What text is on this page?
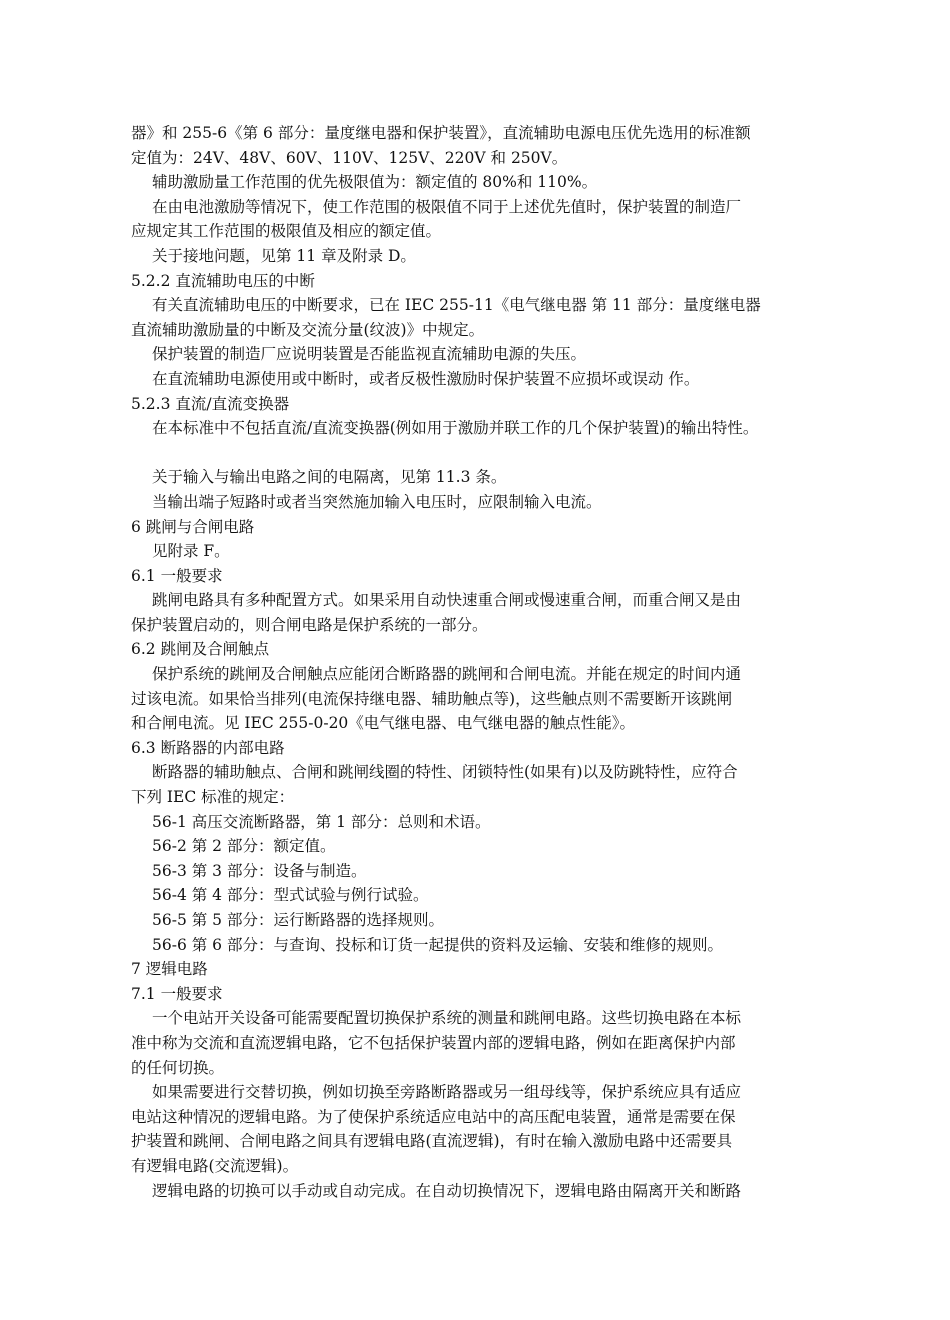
器》和 255-6《第 6 部分：量度继电器和保护装置》，直流辅助电源电压优先选用的标准额
定值为：24V、48V、60V、110V、125V、220V 和 250V。
辅助激励量工作范围的优先极限值为：额定值的 80%和 110%。
在由电池激励等情况下，使工作范围的极限值不同于上述优先值时，保护装置的制造厂
应规定其工作范围的极限值及相应的额定值。
关于接地问题，见第 11 章及附录 D。
5.2.2 直流辅助电压的中断
有关直流辅助电压的中断要求，已在 IEC 255-11《电气继电器 第 11 部分：量度继电器
直流辅助激励量的中断及交流分量(纹波)》中规定。
保护装置的制造厂应说明装置是否能监视直流辅助电源的失压。
在直流辅助电源使用或中断时，或者反极性激励时保护装置不应损坏或误动 作。
5.2.3 直流/直流变换器
在本标准中不包括直流/直流变换器(例如用于激励并联工作的几个保护装置)的输出特性。
关于输入与输出电路之间的电隔离，见第 11.3 条。
当输出端子短路时或者当突然施加输入电压时，应限制输入电流。
6 跳闸与合闸电路
见附录 F。
6.1 一般要求
跳闸电路具有多种配置方式。如果采用自动快速重合闸或慢速重合闸，而重合闸又是由
保护装置启动的，则合闸电路是保护系统的一部分。
6.2 跳闸及合闸触点
保护系统的跳闸及合闸触点应能闭合断路器的跳闸和合闸电流。并能在规定的时间内通
过该电流。如果恰当排列(电流保持继电器、辅助触点等)，这些触点则不需要断开该跳闸
和合闸电流。见 IEC 255-0-20《电气继电器、电气继电器的触点性能》。
6.3 断路器的内部电路
断路器的辅助触点、合闸和跳闸线圈的特性、闭锁特性(如果有)以及防跳特性，应符合
下列 IEC 标准的规定：
56-1 高压交流断路器，第 1 部分：总则和术语。
56-2 第 2 部分：额定值。
56-3 第 3 部分：设备与制造。
56-4 第 4 部分：型式试验与例行试验。
56-5 第 5 部分：运行断路器的选择规则。
56-6 第 6 部分：与查询、投标和订货一起提供的资料及运输、安装和维修的规则。
7 逻辑电路
7.1 一般要求
一个电站开关设备可能需要配置切换保护系统的测量和跳闸电路。这些切换电路在本标
准中称为交流和直流逻辑电路，它不包括保护装置内部的逻辑电路，例如在距离保护内部
的任何切换。
如果需要进行交替切换，例如切换至旁路断路器或另一组母线等，保护系统应具有适应
电站这种情况的逻辑电路。为了使保护系统适应电站中的高压配电装置，通常是需要在保
护装置和跳闸、合闸电路之间具有逻辑电路(直流逻辑)，有时在输入激励电路中还需要具
有逻辑电路(交流逻辑)。
逻辑电路的切换可以手动或自动完成。在自动切换情况下，逻辑电路由隔离开关和断路
